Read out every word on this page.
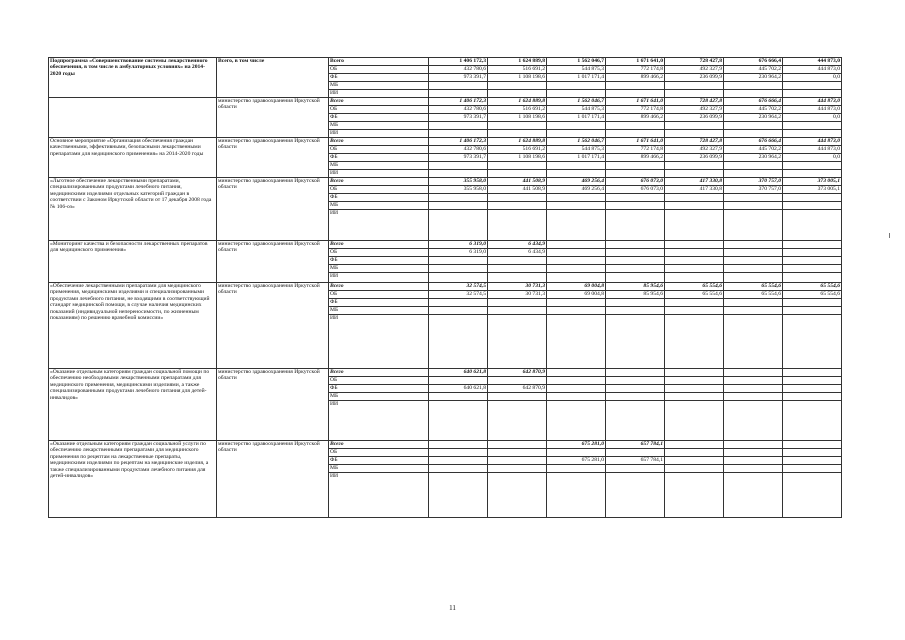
Подпрограмма «Совершенствование системы лекарственного обеспечения, в том числе в амбулаторных условиях» на 2014-2020 годы	Всего, в том числе	Всего	1 406 172,3	1 624 889,8	1 562 046,7	1 671 641,0	728 427,8	676 666,4	444 873,0
		ОБ	432 780,6	516 691,2	544 875,3	772 174,8	492 327,9	445 702,2	444 873,0
		ФБ	973 391,7	1 108 198,6	1 017 171,4	899 466,2	236 099,9	230 964,2	0,0
		МБ							
		ИИ							
	министерство здравоохранения Иркутской области	Всего	1 406 172,3	1 624 889,8	1 562 046,7	1 671 641,0	728 427,8	676 666,4	444 873,0
		ОБ	432 780,6	516 691,2	544 875,3	772 174,8	492 327,9	445 702,2	444 873,0
		ФБ	973 391,7	1 108 198,6	1 017 171,4	899 466,2	236 099,9	230 964,2	0,0
		МБ							
		ИИ							
Основное мероприятие «Организация обеспечения граждан качественными, эффективными, безопасными лекарственными препаратами для медицинского применения» на 2014-2020 годы	министерство здравоохранения Иркутской области	Всего	1 406 172,3	1 624 889,8	1 562 046,7	1 671 641,0	728 427,8	676 666,4	444 873,0
		ОБ	432 780,6	516 691,2	544 875,3	772 174,8	492 327,9	445 702,2	444 873,0
		ФБ	973 391,7	1 108 198,6	1 017 171,4	899 466,2	236 099,9	230 964,2	0,0
		МБ							
		ИИ							
«Льготное обеспечение лекарственными препаратами, специализированными продуктами лечебного питания, медицинскими изделиями отдельных категорий граждан в соответствии с Законом Иркутской области от 17 декабря 2008 года № 106-оз»	министерство здравоохранения Иркутской области	Всего	355 958,0	441 508,9	469 256,4	676 073,0	417 330,8	370 757,0	373 005,1
		ОБ	355 958,0	441 508,9	469 256,4	676 073,0	417 330,8	370 757,0	373 005,1
		ФБ							
		МБ							
		ИИ							
«Мониторинг качества и безопасности лекарственных препаратов для медицинского применения»	министерство здравоохранения Иркутской области	Всего	6 319,0	6 434,9					
		ОБ	6 319,0	6 434,9					
		ФБ							
		МБ							
		ИИ							
«Обеспечение лекарственными препаратами для медицинского применения, медицинскими изделиями и специализированными продуктами лечебного питания, не входящими в соответствующий стандарт медицинской помощи, в случае наличия медицинских показаний (индивидуальной непереносимости, по жизненным показаниям) по решению врачебной комиссии»	министерство здравоохранения Иркутской области	Всего	32 574,5	30 731,3	69 004,8	85 954,6	65 554,6	65 554,6	65 554,6
		ОБ	32 574,5	30 731,3	69 004,8	85 954,6	65 554,6	65 554,6	65 554,6
		ФБ							
		МБ							
		ИИ							
«Оказание отдельным категориям граждан социальной помощи по обеспечению необходимыми лекарственными препаратами для медицинского применения, медицинскими изделиями, а также специализированными продуктами лечебного питания для детей-инвалидов»	министерство здравоохранения Иркутской области	Всего	640 621,8	642 870,9					
		ОБ							
		ФБ	640 621,8	642 870,9					
		МБ							
		ИИ							
«Оказание отдельным категориям граждан социальной услуги по обеспечению лекарственными препаратами для медицинского применения по рецептам на лекарственные препараты, медицинскими изделиями по рецептам на медицинские изделия, а также специализированными продуктами лечебного питания для детей-инвалидов»	министерство здравоохранения Иркутской области	Всего			675 281,0	657 784,1			
		ОБ							
		ФБ			675 281,0	657 784,1			
		МБ							
		ИИ							
11
